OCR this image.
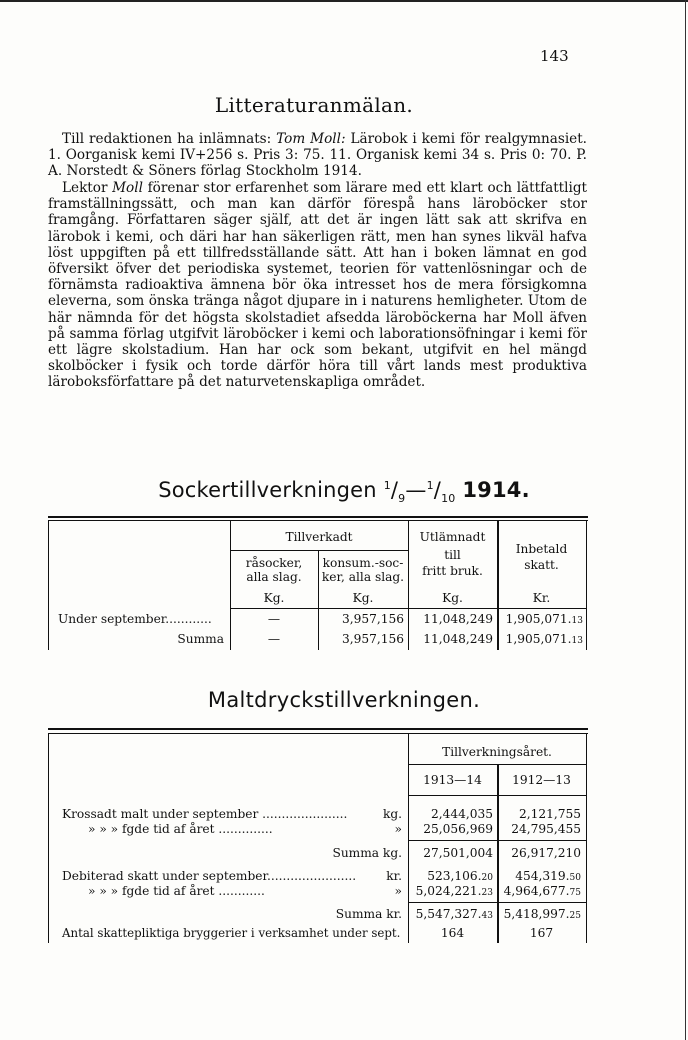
143
Litteraturanmälan.
Till redaktionen ha inlämnats: Tom Moll: Lärobok i kemi för realgymnasiet. 1. Oorganisk kemi IV+256 s. Pris 3: 75. 11. Organisk kemi 34 s. Pris 0: 70. P. A. Norstedt & Söners förlag Stockholm 1914.
Lektor Moll förenar stor erfarenhet som lärare med ett klart och lättfattligt framställningssätt, och man kan därför förespå hans läroböcker stor framgång. Författaren säger själf, att det är ingen lätt sak att skrifva en lärobok i kemi, och däri har han säkerligen rätt, men han synes likväl hafva löst uppgiften på ett tillfredsställande sätt. Att han i boken lämnat en god öfversikt öfver det periodiska systemet, teorien för vattenlösningar och de förnämsta radioaktiva ämnena bör öka intresset hos de mera försigkomna eleverna, som önska tränga något djupare in i naturens hemligheter. Utom de här nämnda för det högsta skolstadiet afsedda läroböckerna har Moll äfven på samma förlag utgifvit läroböcker i kemi och laborationsöfningar i kemi för ett lägre skolstadium. Han har ock som bekant, utgifvit en hel mängd skolböcker i fysik och torde därför höra till vårt lands mest produktiva läroboksförfattare på det naturvetenskapliga området.
Sockertillverkningen $^1/_9—^1/_{10}$ 1914.
Tillverkadt
råsocker,
alla slag.
konsum.-soc-
ker, alla slag.
Utlämnadt
till
fritt bruk.
Inbetald
skatt.
Kg.	Kg.	Kg.	Kr.
Under september............	—	3,957,156	11,048,249	1,905,071.13
Summa	—	3,957,156	11,048,249	1,905,071.13
Maltdryckstillverkningen.
Tillverkningsåret.
1913—14	1912—13
Krossadt malt under september ......................	kg.	2,444,035	2,121,755
» » » fgde tid af året ..............	»	25,056,969	24,795,455
Summa kg.	27,501,004	26,917,210
Debiterad skatt under september.......................	kr.	523,106.20	454,319.50
» » » fgde tid af året ............	»	5,024,221.23 4,964,677.75
Summa kr.	5,547,327.43 5,418,997.25
Antal skattepliktiga bryggerier i verksamhet under sept.	164	167
